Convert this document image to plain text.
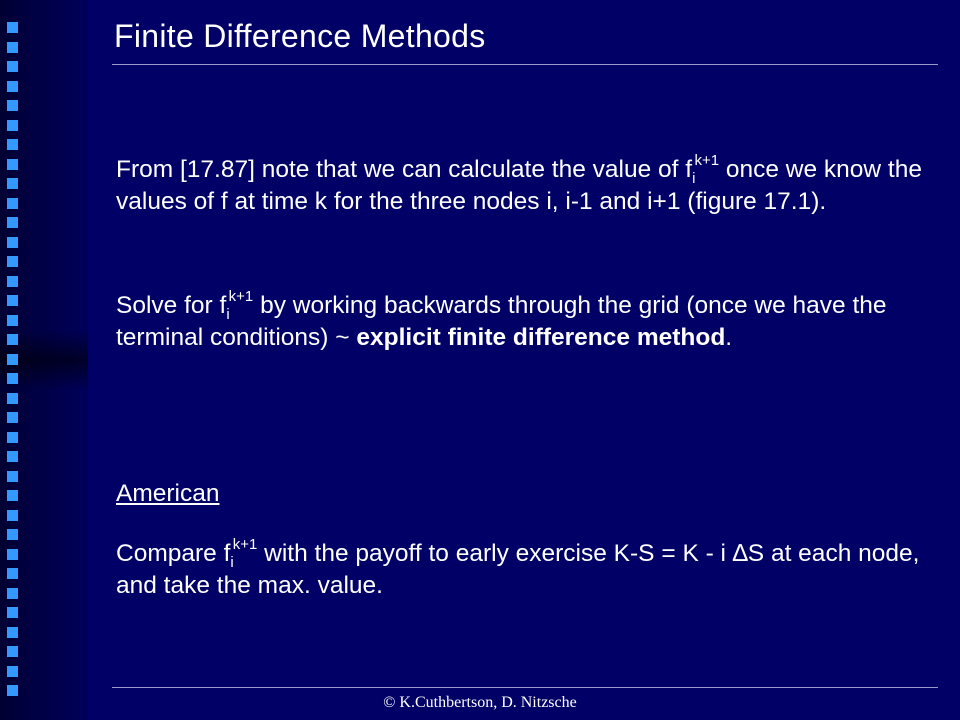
Finite Difference Methods

From [17.87] note that we can calculate the value of $f_i^{k+1}$ once we know the values of f at time k for the three nodes i, i-1 and i+1 (figure 17.1).

Solve for $f_i^{k+1}$ by working backwards through the grid (once we have the terminal conditions) ~ explicit finite difference method.

American

Compare $f_i^{k+1}$ with the payoff to early exercise K-S = K - i ∆S at each node, and take the max. value.

© K.Cuthbertson, D. Nitzsche
